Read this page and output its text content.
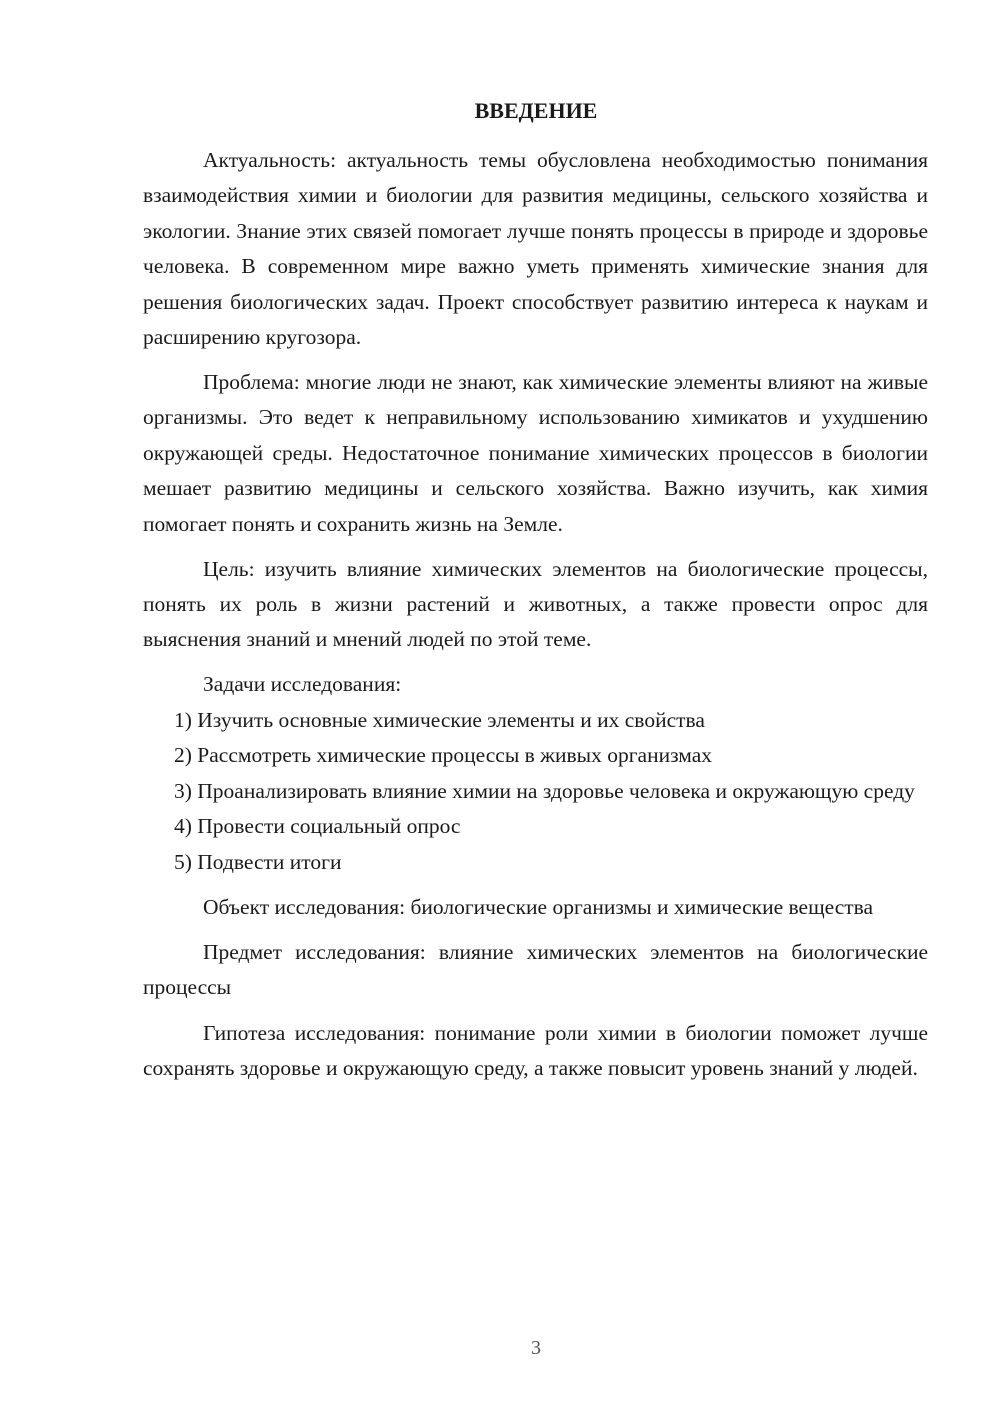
ВВЕДЕНИЕ

Актуальность: актуальность темы обусловлена необходимостью понимания взаимодействия химии и биологии для развития медицины, сельского хозяйства и экологии. Знание этих связей помогает лучше понять процессы в природе и здоровье человека. В современном мире важно уметь применять химические знания для решения биологических задач. Проект способствует развитию интереса к наукам и расширению кругозора.

Проблема: многие люди не знают, как химические элементы влияют на живые организмы. Это ведет к неправильному использованию химикатов и ухудшению окружающей среды. Недостаточное понимание химических процессов в биологии мешает развитию медицины и сельского хозяйства. Важно изучить, как химия помогает понять и сохранить жизнь на Земле.

Цель: изучить влияние химических элементов на биологические процессы, понять их роль в жизни растений и животных, а также провести опрос для выяснения знаний и мнений людей по этой теме.

Задачи исследования:

1) Изучить основные химические элементы и их свойства

2) Рассмотреть химические процессы в живых организмах

3) Проанализировать влияние химии на здоровье человека и окружающую среду

4) Провести социальный опрос

5) Подвести итоги

Объект исследования: биологические организмы и химические вещества

Предмет исследования: влияние химических элементов на биологические процессы

Гипотеза исследования: понимание роли химии в биологии поможет лучше сохранять здоровье и окружающую среду, а также повысит уровень знаний у людей.

3
